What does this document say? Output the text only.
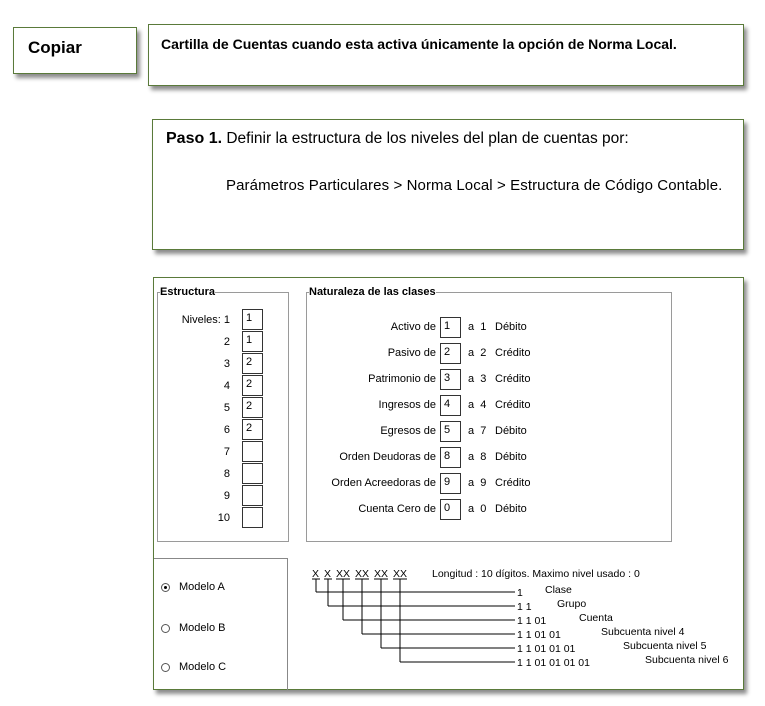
Copiar	Cartilla de Cuentas cuando esta activa únicamente la opción de Norma Local.
Paso 1. Definir la estructura de los niveles del plan de cuentas por:
Parámetros Particulares > Norma Local > Estructura de Código Contable.
Estructura	Naturaleza de las clases
Niveles: 1	1
2	1
3	2
4	2
5	2
6	2
7
8
9
10
Activo de 1	a  1 Débito
Pasivo de 2	a  2 Crédito
Patrimonio de 3	a  3 Crédito
Ingresos de 4	a  4 Crédito
Egresos de 5	a  7 Débito
Orden Deudoras de 8	a  8 Débito
Orden Acreedoras de 9	a  9 Crédito
Cuenta Cero de 0	a  0 Débito
Modelo A
Modelo B
Modelo C
X X XX XX XX XX Longitud : 10 dígitos. Maximo nivel usado : 0
1 Clase
1 1 Grupo
1 1 01	Cuenta
1 1 01 01	Subcuenta nivel 4
1 1 01 01 01	Subcuenta nivel 5
1 1 01 01 01 01	Subcuenta nivel 6
